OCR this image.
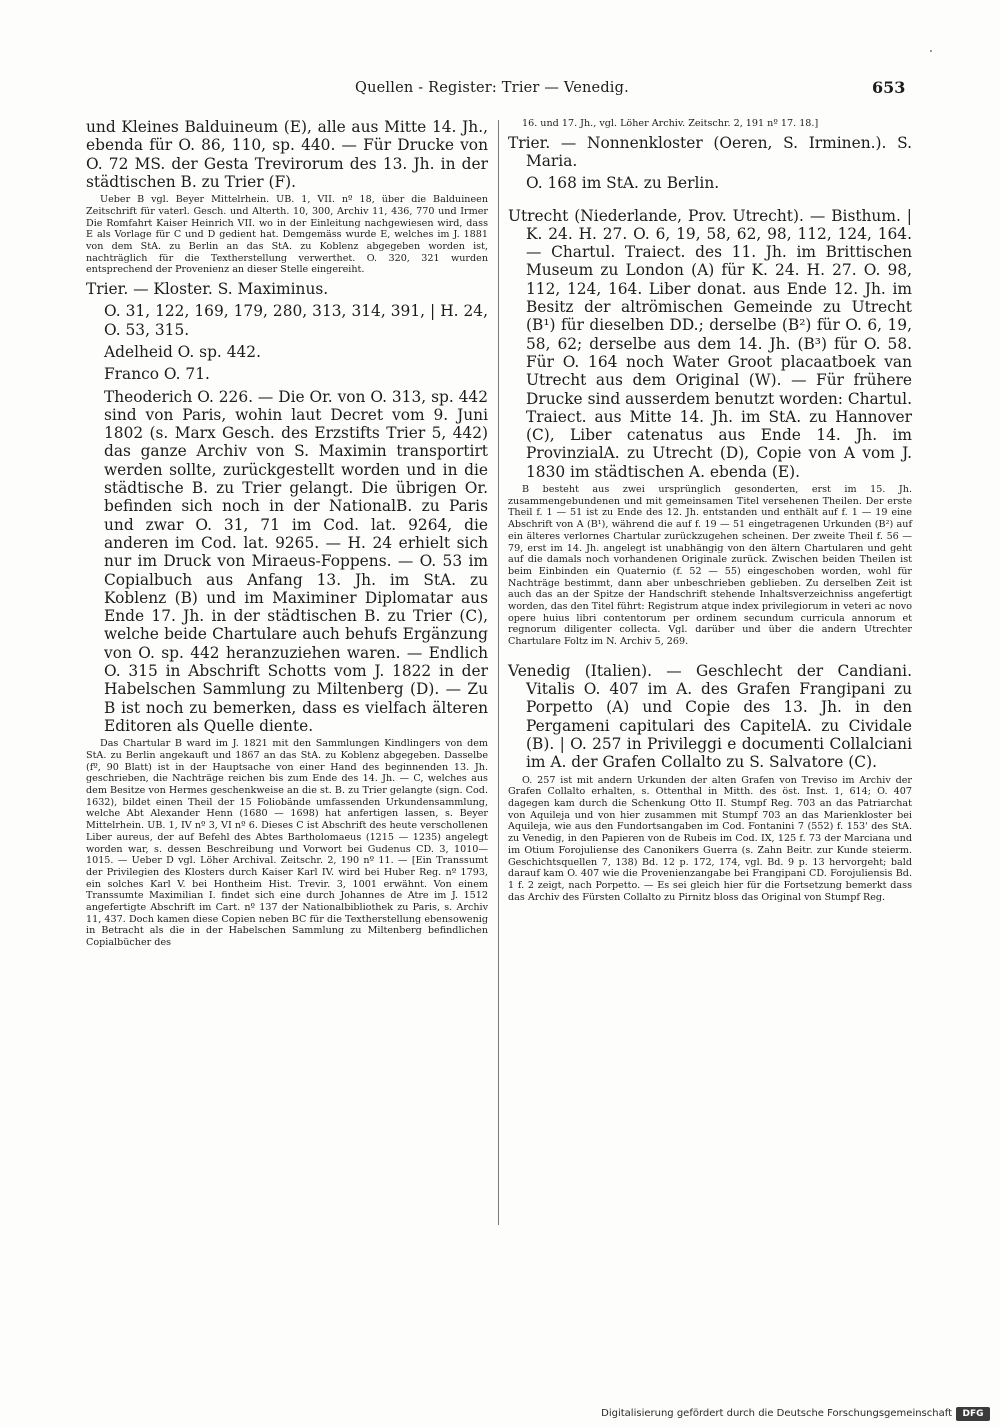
Quellen - Register: Trier — Venedig.	653

und Kleines Balduineum (E), alle aus Mitte 14. Jh., ebenda für O. 86, 110, sp. 440. — Für Drucke von O. 72 MS. der Gesta Trevirorum des 13. Jh. in der städtischen B. zu Trier (F).

Ueber B vgl. Beyer Mittelrhein. UB. 1, VII. nº 18, über die Balduineen Zeitschrift für vaterl. Gesch. und Alterth. 10, 300, Archiv 11, 436, 770 und Irmer Die Romfahrt Kaiser Heinrich VII. wo in der Einleitung nachgewiesen wird, dass E als Vorlage für C und D gedient hat. Demgemäss wurde E, welches im J. 1881 von dem StA. zu Berlin an das StA. zu Koblenz abgegeben worden ist, nachträglich für die Textherstellung verwerthet. O. 320, 321 wurden entsprechend der Provenienz an dieser Stelle eingereiht.

Trier. — Kloster. S. Maximinus.

O. 31, 122, 169, 179, 280, 313, 314, 391, | H. 24, O. 53, 315.

Adelheid O. sp. 442.

Franco O. 71.

Theoderich O. 226. — Die Or. von O. 313, sp. 442 sind von Paris, wohin laut Decret vom 9. Juni 1802 (s. Marx Gesch. des Erzstifts Trier 5, 442) das ganze Archiv von S. Maximin transportirt werden sollte, zurückgestellt worden und in die städtische B. zu Trier gelangt. Die übrigen Or. befinden sich noch in der NationalB. zu Paris und zwar O. 31, 71 im Cod. lat. 9264, die anderen im Cod. lat. 9265. — H. 24 erhielt sich nur im Druck von Miraeus-Foppens. — O. 53 im Copialbuch aus Anfang 13. Jh. im StA. zu Koblenz (B) und im Maximiner Diplomatar aus Ende 17. Jh. in der städtischen B. zu Trier (C), welche beide Chartulare auch behufs Ergänzung von O. sp. 442 heranzuziehen waren. — Endlich O. 315 in Abschrift Schotts vom J. 1822 in der Habelschen Sammlung zu Miltenberg (D). — Zu B ist noch zu bemerken, dass es vielfach älteren Editoren als Quelle diente.

Das Chartular B ward im J. 1821 mit den Sammlungen Kindlingers von dem StA. zu Berlin angekauft und 1867 an das StA. zu Koblenz abgegeben. Dasselbe (fº, 90 Blatt) ist in der Hauptsache von einer Hand des beginnenden 13. Jh. geschrieben, die Nachträge reichen bis zum Ende des 14. Jh. — C, welches aus dem Besitze von Hermes geschenkweise an die st. B. zu Trier gelangte (sign. Cod. 1632), bildet einen Theil der 15 Foliobände umfassenden Urkundensammlung, welche Abt Alexander Henn (1680 — 1698) hat anfertigen lassen, s. Beyer Mittelrhein. UB. 1, IV nº 3, VI nº 6. Dieses C ist Abschrift des heute verschollenen Liber aureus, der auf Befehl des Abtes Bartholomaeus (1215 — 1235) angelegt worden war, s. dessen Beschreibung und Vorwort bei Gudenus CD. 3, 1010—1015. — Ueber D vgl. Löher Archival. Zeitschr. 2, 190 nº 11. — [Ein Transsumt der Privilegien des Klosters durch Kaiser Karl IV. wird bei Huber Reg. nº 1793, ein solches Karl V. bei Hontheim Hist. Trevir. 3, 1001 erwähnt. Von einem Transsumte Maximilian I. findet sich eine durch Johannes de Atre im J. 1512 angefertigte Abschrift im Cart. nº 137 der Nationalbibliothek zu Paris, s. Archiv 11, 437. Doch kamen diese Copien neben BC für die Textherstellung ebensowenig in Betracht als die in der Habelschen Sammlung zu Miltenberg befindlichen Copialbücher des

16. und 17. Jh., vgl. Löher Archiv. Zeitschr. 2, 191 nº 17. 18.]

Trier. — Nonnenkloster (Oeren, S. Irminen.). S. Maria.

O. 168 im StA. zu Berlin.

Utrecht (Niederlande, Prov. Utrecht). — Bisthum. | K. 24. H. 27. O. 6, 19, 58, 62, 98, 112, 124, 164. — Chartul. Traiect. des 11. Jh. im Brittischen Museum zu London (A) für K. 24. H. 27. O. 98, 112, 124, 164. Liber donat. aus Ende 12. Jh. im Besitz der altrömischen Gemeinde zu Utrecht (B¹) für dieselben DD.; derselbe (B²) für O. 6, 19, 58, 62; derselbe aus dem 14. Jh. (B³) für O. 58. Für O. 164 noch Water Groot placaatboek van Utrecht aus dem Original (W). — Für frühere Drucke sind ausserdem benutzt worden: Chartul. Traiect. aus Mitte 14. Jh. im StA. zu Hannover (C), Liber catenatus aus Ende 14. Jh. im ProvinzialA. zu Utrecht (D), Copie von A vom J. 1830 im städtischen A. ebenda (E).

B besteht aus zwei ursprünglich gesonderten, erst im 15. Jh. zusammengebundenen und mit gemeinsamen Titel versehenen Theilen. Der erste Theil f. 1 — 51 ist zu Ende des 12. Jh. entstanden und enthält auf f. 1 — 19 eine Abschrift von A (B¹), während die auf f. 19 — 51 eingetragenen Urkunden (B²) auf ein älteres verlornes Chartular zurückzugehen scheinen. Der zweite Theil f. 56 — 79, erst im 14. Jh. angelegt ist unabhängig von den ältern Chartularen und geht auf die damals noch vorhandenen Originale zurück. Zwischen beiden Theilen ist beim Einbinden ein Quaternio (f. 52 — 55) eingeschoben worden, wohl für Nachträge bestimmt, dann aber unbeschrieben geblieben. Zu derselben Zeit ist auch das an der Spitze der Handschrift stehende Inhaltsverzeichniss angefertigt worden, das den Titel führt: Registrum atque index privilegiorum in veteri ac novo opere huius libri contentorum per ordinem secundum curricula annorum et regnorum diligenter collecta. Vgl. darüber und über die andern Utrechter Chartulare Foltz im N. Archiv 5, 269.

Venedig (Italien). — Geschlecht der Candiani. Vitalis O. 407 im A. des Grafen Frangipani zu Porpetto (A) und Copie des 13. Jh. in den Pergameni capitulari des CapitelA. zu Cividale (B). | O. 257 in Privileggi e documenti Collalciani im A. der Grafen Collalto zu S. Salvatore (C).

O. 257 ist mit andern Urkunden der alten Grafen von Treviso im Archiv der Grafen Collalto erhalten, s. Ottenthal in Mitth. des öst. Inst. 1, 614; O. 407 dagegen kam durch die Schenkung Otto II. Stumpf Reg. 703 an das Patriarchat von Aquileja und von hier zusammen mit Stumpf 703 an das Marienkloster bei Aquileja, wie aus den Fundortsangaben im Cod. Fontanini 7 (552) f. 153' des StA. zu Venedig, in den Papieren von de Rubeis im Cod. IX, 125 f. 73 der Marciana und im Otium Forojuliense des Canonikers Guerra (s. Zahn Beitr. zur Kunde steierm. Geschichtsquellen 7, 138) Bd. 12 p. 172, 174, vgl. Bd. 9 p. 13 hervorgeht; bald darauf kam O. 407 wie die Provenienzangabe bei Frangipani CD. Forojuliensis Bd. 1 f. 2 zeigt, nach Porpetto. — Es sei gleich hier für die Fortsetzung bemerkt dass das Archiv des Fürsten Collalto zu Pirnitz bloss das Original von Stumpf Reg.

Digitalisierung gefördert durch die Deutsche Forschungsgemeinschaft	DFG
